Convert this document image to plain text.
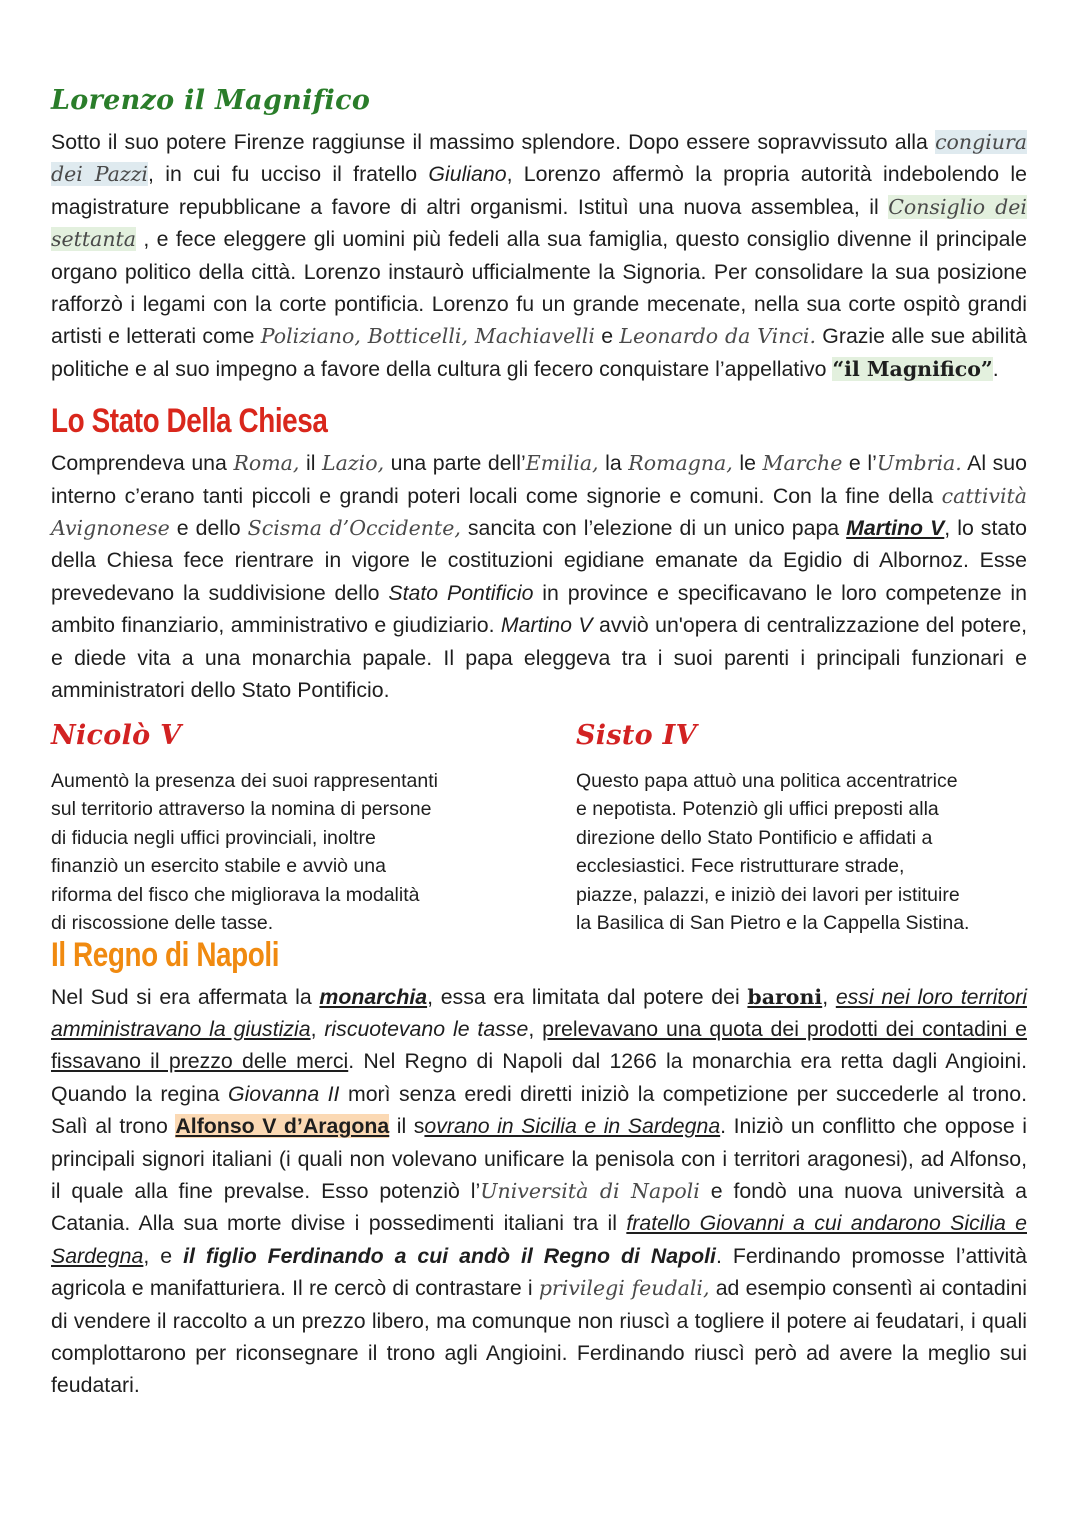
Lorenzo il Magnifico

Sotto il suo potere Firenze raggiunse il massimo splendore. Dopo essere sopravvissuto alla congiura dei Pazzi, in cui fu ucciso il fratello Giuliano, Lorenzo affermò la propria autorità indebolendo le magistrature repubblicane a favore di altri organismi. Istituì una nuova assemblea, il Consiglio dei settanta , e fece eleggere gli uomini più fedeli alla sua famiglia, questo consiglio divenne il principale organo politico della città. Lorenzo instaurò ufficialmente la Signoria. Per consolidare la sua posizione rafforzò i legami con la corte pontificia. Lorenzo fu un grande mecenate, nella sua corte ospitò grandi artisti e letterati come Poliziano, Botticelli, Machiavelli e Leonardo da Vinci. Grazie alle sue abilità politiche e al suo impegno a favore della cultura gli fecero conquistare l’appellativo “il Magnifico”.

Lo Stato Della Chiesa

Comprendeva una Roma, il Lazio, una parte dell’Emilia, la Romagna, le Marche e l’Umbria. Al suo interno c’erano tanti piccoli e grandi poteri locali come signorie e comuni. Con la fine della cattività Avignonese e dello Scisma d’Occidente, sancita con l’elezione di un unico papa Martino V, lo stato della Chiesa fece rientrare in vigore le costituzioni egidiane emanate da Egidio di Albornoz. Esse prevedevano la suddivisione dello Stato Pontificio in province e specificavano le loro competenze in ambito finanziario, amministrativo e giudiziario. Martino V avviò un'opera di centralizzazione del potere, e diede vita a una monarchia papale. Il papa eleggeva tra i suoi parenti i principali funzionari e amministratori dello Stato Pontificio.

Nicolò V

Aumentò la presenza dei suoi rappresentanti

sul territorio attraverso la nomina di persone

di fiducia negli uffici provinciali, inoltre

finanziò un esercito stabile e avviò una

riforma del fisco che migliorava la modalità

di riscossione delle tasse.

Sisto IV

Questo papa attuò una politica accentratrice

e nepotista. Potenziò gli uffici preposti alla

direzione dello Stato Pontificio e affidati a

ecclesiastici. Fece ristrutturare strade,

piazze, palazzi, e iniziò dei lavori per istituire

la Basilica di San Pietro e la Cappella Sistina.

Il Regno di Napoli

Nel Sud si era affermata la monarchia, essa era limitata dal potere dei baroni, essi nei loro territori amministravano la giustizia, riscuotevano le tasse, prelevavano una quota dei prodotti dei contadini e fissavano il prezzo delle merci. Nel Regno di Napoli dal 1266 la monarchia era retta dagli Angioini. Quando la regina Giovanna II morì senza eredi diretti iniziò la competizione per succederle al trono. Salì al trono Alfonso V d’Aragona il sovrano in Sicilia e in Sardegna. Iniziò un conflitto che oppose i principali signori italiani (i quali non volevano unificare la penisola con i territori aragonesi), ad Alfonso, il quale alla fine prevalse. Esso potenziò l’Università di Napoli e fondò una nuova università a Catania. Alla sua morte divise i possedimenti italiani tra il fratello Giovanni a cui andarono Sicilia e Sardegna, e il figlio Ferdinando a cui andò il Regno di Napoli. Ferdinando promosse l’attività agricola e manifatturiera. Il re cercò di contrastare i privilegi feudali, ad esempio consentì ai contadini di vendere il raccolto a un prezzo libero, ma comunque non riuscì a togliere il potere ai feudatari, i quali complottarono per riconsegnare il trono agli Angioini. Ferdinando riuscì però ad avere la meglio sui feudatari.
